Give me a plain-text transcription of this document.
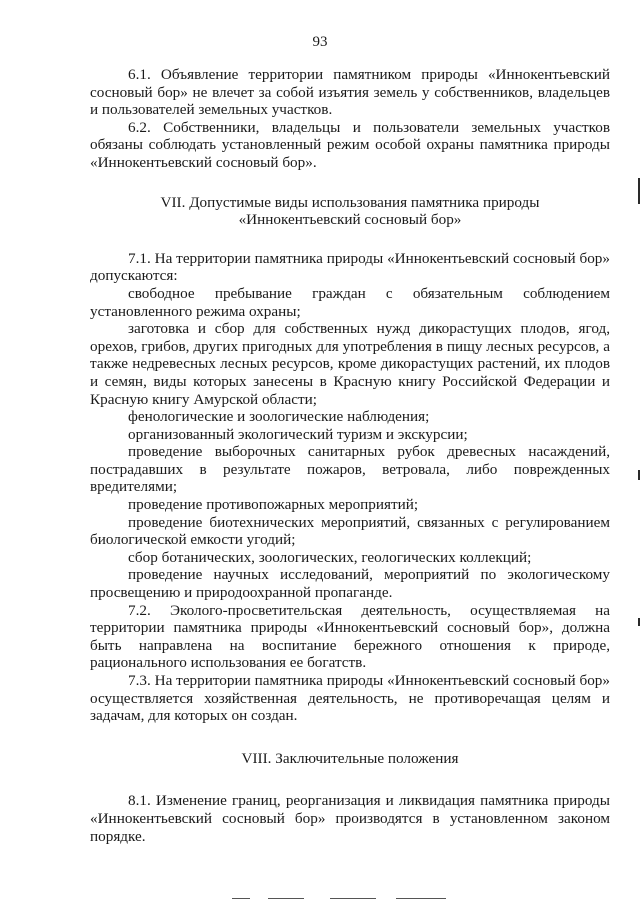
93

6.1. Объявление территории памятником природы «Иннокентьевский сосновый бор» не влечет за собой изъятия земель у собственников, владельцев и пользователей земельных участков.

6.2. Собственники, владельцы и пользователи земельных участков обязаны соблюдать установленный режим особой охраны памятника природы «Иннокентьевский сосновый бор».

VII. Допустимые виды использования памятника природы
«Иннокентьевский сосновый бор»

7.1. На территории памятника природы «Иннокентьевский сосновый бор» допускаются:

свободное пребывание граждан с обязательным соблюдением установленного режима охраны;

заготовка и сбор для собственных нужд дикорастущих плодов, ягод, орехов, грибов, других пригодных для употребления в пищу лесных ресурсов, а также недревесных лесных ресурсов, кроме дикорастущих растений, их плодов и семян, виды которых занесены в Красную книгу Российской Федерации и Красную книгу Амурской области;

фенологические и зоологические наблюдения;

организованный экологический туризм и экскурсии;

проведение выборочных санитарных рубок древесных насаждений, пострадавших в результате пожаров, ветровала, либо поврежденных вредителями;

проведение противопожарных мероприятий;

проведение биотехнических мероприятий, связанных с регулированием биологической емкости угодий;

сбор ботанических, зоологических, геологических коллекций;

проведение научных исследований, мероприятий по экологическому просвещению и природоохранной пропаганде.

7.2. Эколого-просветительская деятельность, осуществляемая на территории памятника природы «Иннокентьевский сосновый бор», должна быть направлена на воспитание бережного отношения к природе, рационального использования ее богатств.

7.3. На территории памятника природы «Иннокентьевский сосновый бор» осуществляется хозяйственная деятельность, не противоречащая целям и задачам, для которых он создан.

VIII. Заключительные положения

8.1. Изменение границ, реорганизация и ликвидация памятника природы «Иннокентьевский сосновый бор» производятся в установленном законом порядке.
